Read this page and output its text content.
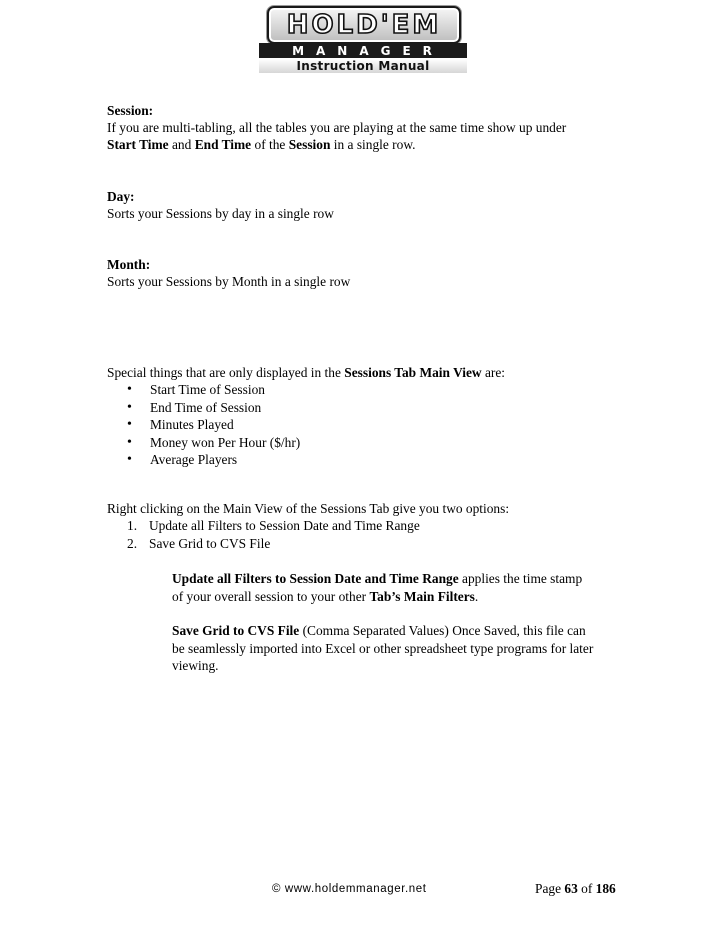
HOLD'EM
MANAGER
Instruction Manual

Session:

If you are multi-tabling, all the tables you are playing at the same time show up under

Start Time and End Time of the Session in a single row.

Day:

Sorts your Sessions by day in a single row

Month:

Sorts your Sessions by Month in a single row

Special things that are only displayed in the Sessions Tab Main View are:

• Start Time of Session
• End Time of Session
• Minutes Played
• Money won Per Hour ($/hr)
• Average Players

Right clicking on the Main View of the Sessions Tab give you two options:

1. Update all Filters to Session Date and Time Range
2. Save Grid to CVS File

Update all Filters to Session Date and Time Range applies the time stamp

of your overall session to your other Tab’s Main Filters.

Save Grid to CVS File (Comma Separated Values) Once Saved, this file can

be seamlessly imported into Excel or other spreadsheet type programs for later

viewing.

© www.holdemmanager.net	Page 63 of 186
